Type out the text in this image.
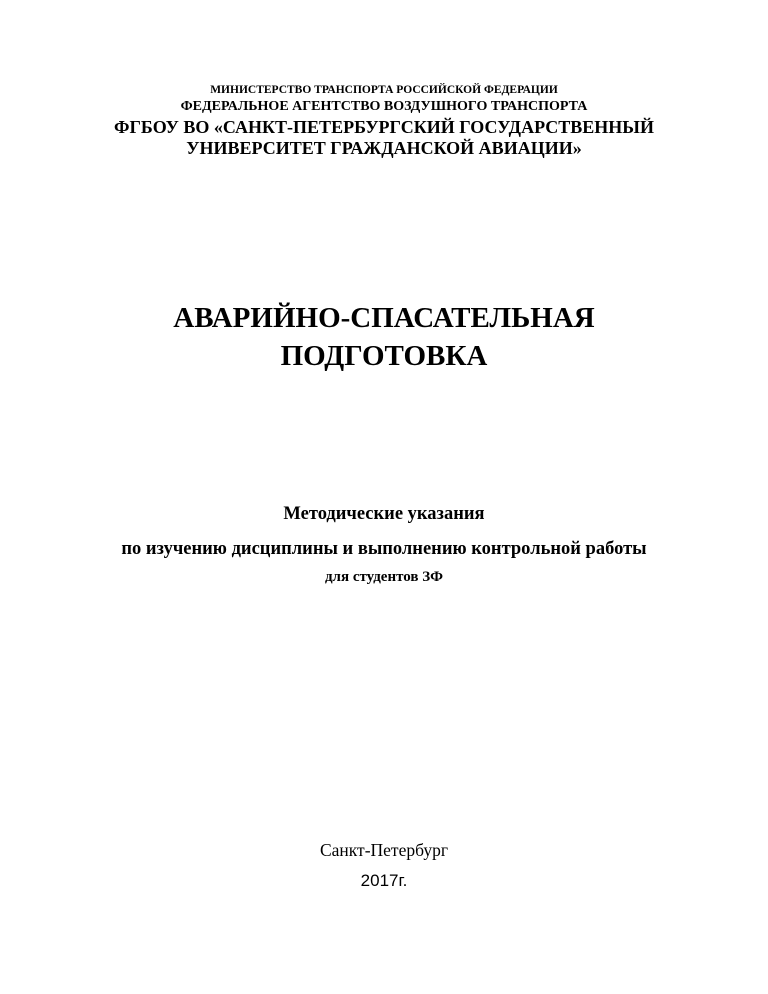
МИНИСТЕРСТВО ТРАНСПОРТА РОССИЙСКОЙ ФЕДЕРАЦИИ
ФЕДЕРАЛЬНОЕ АГЕНТСТВО ВОЗДУШНОГО ТРАНСПОРТА
ФГБОУ ВО «САНКТ-ПЕТЕРБУРГСКИЙ ГОСУДАРСТВЕННЫЙ
УНИВЕРСИТЕТ ГРАЖДАНСКОЙ АВИАЦИИ»
АВАРИЙНО-СПАСАТЕЛЬНАЯ
ПОДГОТОВКА
Методические указания
по изучению дисциплины и выполнению контрольной работы
для студентов ЗФ
Санкт-Петербург
2017г.
